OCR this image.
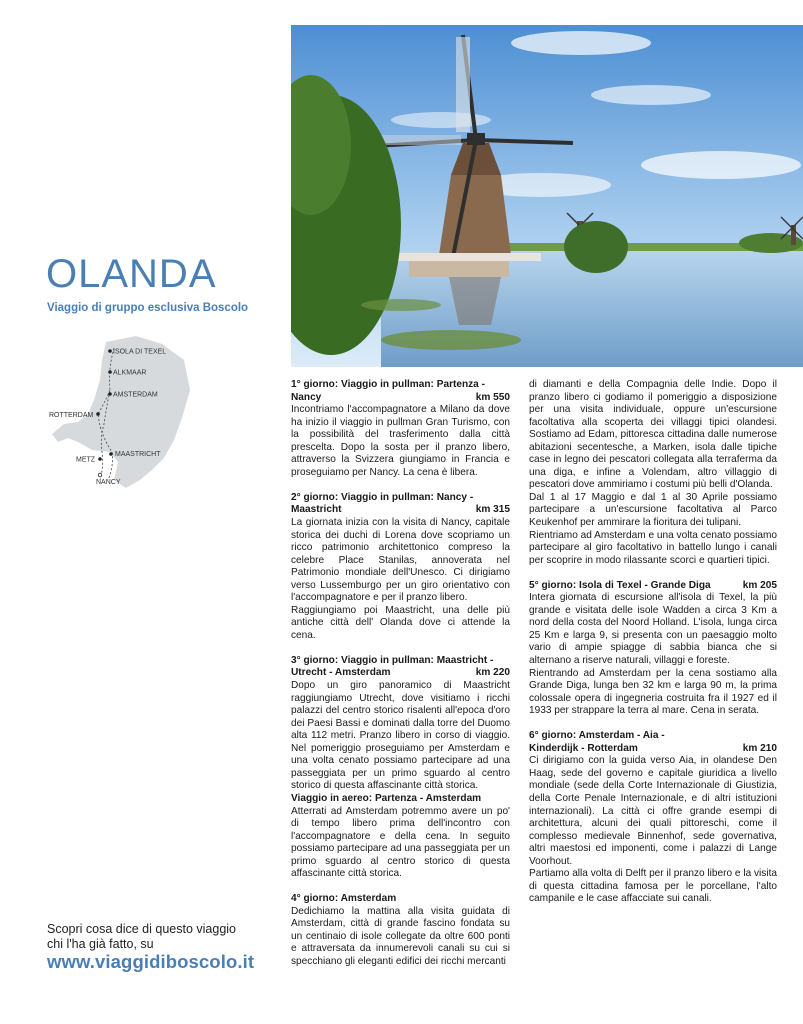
OLANDA
Viaggio di gruppo esclusiva Boscolo
ISOLA DI TEXEL
ALKMAAR
AMSTERDAM
ROTTERDAM
MAASTRICHT
METZ
NANCY
Scopri cosa dice di questo viaggio
chi l'ha già fatto, su
www.viaggidiboscolo.it
1° giorno: Viaggio in pullman: Partenza -
Nancy	km 550

Incontriamo l'accompagnatore a Milano da dove ha inizio il viaggio in pullman Gran Turismo, con la possibilità del trasferimento dalla città prescelta. Dopo la sosta per il pranzo libero, attraverso la Svizzera giungiamo in Francia e proseguiamo per Nancy. La cena è libera.

2° giorno: Viaggio in pullman: Nancy -
Maastricht	km 315

La giornata inizia con la visita di Nancy, capitale storica dei duchi di Lorena dove scopriamo un ricco patrimonio architettonico compreso la celebre Place Stanilas, annoverata nel Patrimonio mondiale dell'Unesco. Ci dirigiamo verso Lussemburgo per un giro orientativo con l'accompagnatore e per il pranzo libero.

Raggiungiamo poi Maastricht, una delle più antiche città dell' Olanda dove ci attende la cena.

3° giorno: Viaggio in pullman: Maastricht -
Utrecht - Amsterdam	km 220

Dopo un giro panoramico di Maastricht raggiungiamo Utrecht, dove visitiamo i ricchi palazzi del centro storico risalenti all'epoca d'oro dei Paesi Bassi e dominati dalla torre del Duomo alta 112 metri. Pranzo libero in corso di viaggio. Nel pomeriggio proseguiamo per Amsterdam e una volta cenato possiamo partecipare ad una passeggiata per un primo sguardo al centro storico di questa affascinante città storica.

Viaggio in aereo: Partenza - Amsterdam

Atterrati ad Amsterdam potremmo avere un po' di tempo libero prima dell'incontro con l'accompagnatore e della cena. In seguito possiamo partecipare ad una passeggiata per un primo sguardo al centro storico di questa affascinante città storica.

4° giorno: Amsterdam

Dedichiamo la mattina alla visita guidata di Amsterdam, città di grande fascino fondata su un centinaio di isole collegate da oltre 600 ponti e attraversata da innumerevoli canali su cui si specchiano gli eleganti edifici dei ricchi mercanti

di diamanti e della Compagnia delle Indie. Dopo il pranzo libero ci godiamo il pomeriggio a disposizione per una visita individuale, oppure un'escursione facoltativa alla scoperta dei villaggi tipici olandesi. Sostiamo ad Edam, pittoresca cittadina dalle numerose abitazioni secentesche, a Marken, isola dalle tipiche case in legno dei pescatori collegata alla terraferma da una diga, e infine a Volendam, altro villaggio di pescatori dove ammiriamo i costumi più belli d'Olanda.

Dal 1 al 17 Maggio e dal 1 al 30 Aprile possiamo partecipare a un'escursione facoltativa al Parco Keukenhof per ammirare la fioritura dei tulipani.

Rientriamo ad Amsterdam e una volta cenato possiamo partecipare al giro facoltativo in battello lungo i canali per scoprire in modo rilassante scorci e quartieri tipici.

5° giorno: Isola di Texel - Grande Diga	km 205

Intera giornata di escursione all'isola di Texel, la più grande e visitata delle isole Wadden a circa 3 Km a nord della costa del Noord Holland. L'isola, lunga circa 25 Km e larga 9, si presenta con un paesaggio molto vario di ampie spiagge di sabbia bianca che si alternano a riserve naturali, villaggi e foreste.

Rientrando ad Amsterdam per la cena sostiamo alla Grande Diga, lunga ben 32 km e larga 90 m, la prima colossale opera di ingegneria costruita fra il 1927 ed il 1933 per strappare la terra al mare. Cena in serata.

6° giorno: Amsterdam - Aia -
Kinderdijk - Rotterdam	km 210

Ci dirigiamo con la guida verso Aia, in olandese Den Haag, sede del governo e capitale giuridica a livello mondiale (sede della Corte Internazionale di Giustizia, della Corte Penale Internazionale, e di altri istituzioni internazionali). La città ci offre grande esempi di architettura, alcuni dei quali pittoreschi, come il complesso medievale Binnenhof, sede governativa, altri maestosi ed imponenti, come i palazzi di Lange Voorhout.

Partiamo alla volta di Delft per il pranzo libero e la visita di questa cittadina famosa per le porcellane, l'alto campanile e le case affacciate sui canali.
